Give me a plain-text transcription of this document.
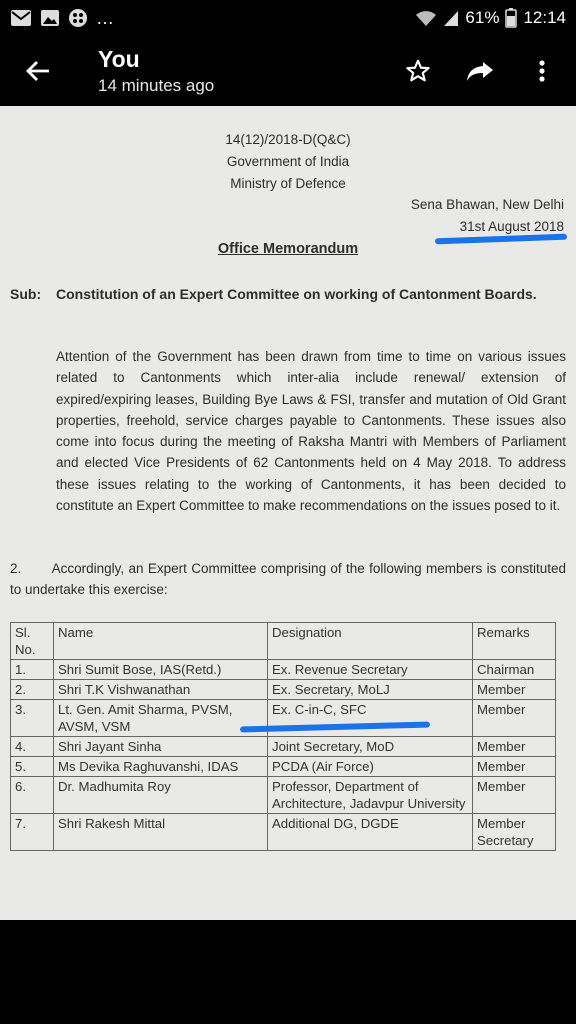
…	61% 12:14
You
14 minutes ago
14(12)/2018-D(Q&C)
Government of India
Ministry of Defence
Sena Bhawan, New Delhi
31st August 2018
Office Memorandum
Sub: Constitution of an Expert Committee on working of Cantonment Boards.
Attention of the Government has been drawn from time to time on various issues related to Cantonments which inter-alia include renewal/ extension of expired/expiring leases, Building Bye Laws & FSI, transfer and mutation of Old Grant properties, freehold, service charges payable to Cantonments. These issues also come into focus during the meeting of Raksha Mantri with Members of Parliament and elected Vice Presidents of 62 Cantonments held on 4 May 2018. To address these issues relating to the working of Cantonments, it has been decided to constitute an Expert Committee to make recommendations on the issues posed to it.
2. Accordingly, an Expert Committee comprising of the following members is constituted to undertake this exercise:
Sl. No.	Name	Designation	Remarks
1.	Shri Sumit Bose, IAS(Retd.)	Ex. Revenue Secretary	Chairman
2.	Shri T.K Vishwanathan	Ex. Secretary, MoLJ	Member
3.	Lt. Gen. Amit Sharma, PVSM, AVSM, VSM	Ex. C-in-C, SFC	Member
4.	Shri Jayant Sinha	Joint Secretary, MoD	Member
5.	Ms Devika Raghuvanshi, IDAS	PCDA (Air Force)	Member
6.	Dr. Madhumita Roy	Professor, Department of Architecture, Jadavpur University	Member
7.	Shri Rakesh Mittal	Additional DG, DGDE	Member Secretary
